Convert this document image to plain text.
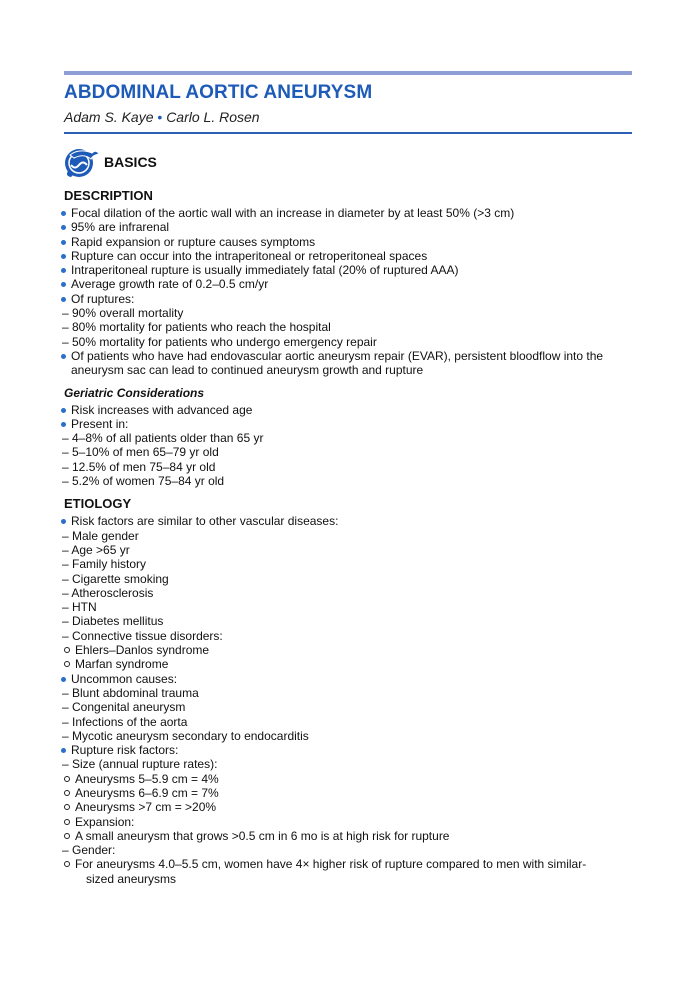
ABDOMINAL AORTIC ANEURYSM
Adam S. Kaye • Carlo L. Rosen
BASICS
DESCRIPTION
Focal dilation of the aortic wall with an increase in diameter by at least 50% (>3 cm)
95% are infrarenal
Rapid expansion or rupture causes symptoms
Rupture can occur into the intraperitoneal or retroperitoneal spaces
Intraperitoneal rupture is usually immediately fatal (20% of ruptured AAA)
Average growth rate of 0.2–0.5 cm/yr
Of ruptures:
– 90% overall mortality
– 80% mortality for patients who reach the hospital
– 50% mortality for patients who undergo emergency repair
Of patients who have had endovascular aortic aneurysm repair (EVAR), persistent bloodflow into the
aneurysm sac can lead to continued aneurysm growth and rupture
Geriatric Considerations
Risk increases with advanced age
Present in:
– 4–8% of all patients older than 65 yr
– 5–10% of men 65–79 yr old
– 12.5% of men 75–84 yr old
– 5.2% of women 75–84 yr old
ETIOLOGY
Risk factors are similar to other vascular diseases:
– Male gender
– Age >65 yr
– Family history
– Cigarette smoking
– Atherosclerosis
– HTN
– Diabetes mellitus
– Connective tissue disorders:
Ehlers–Danlos syndrome
Marfan syndrome
Uncommon causes:
– Blunt abdominal trauma
– Congenital aneurysm
– Infections of the aorta
– Mycotic aneurysm secondary to endocarditis
Rupture risk factors:
– Size (annual rupture rates):
Aneurysms 5–5.9 cm = 4%
Aneurysms 6–6.9 cm = 7%
Aneurysms >7 cm = >20%
Expansion:
A small aneurysm that grows >0.5 cm in 6 mo is at high risk for rupture
– Gender:
For aneurysms 4.0–5.5 cm, women have 4× higher risk of rupture compared to men with similar-
sized aneurysms
